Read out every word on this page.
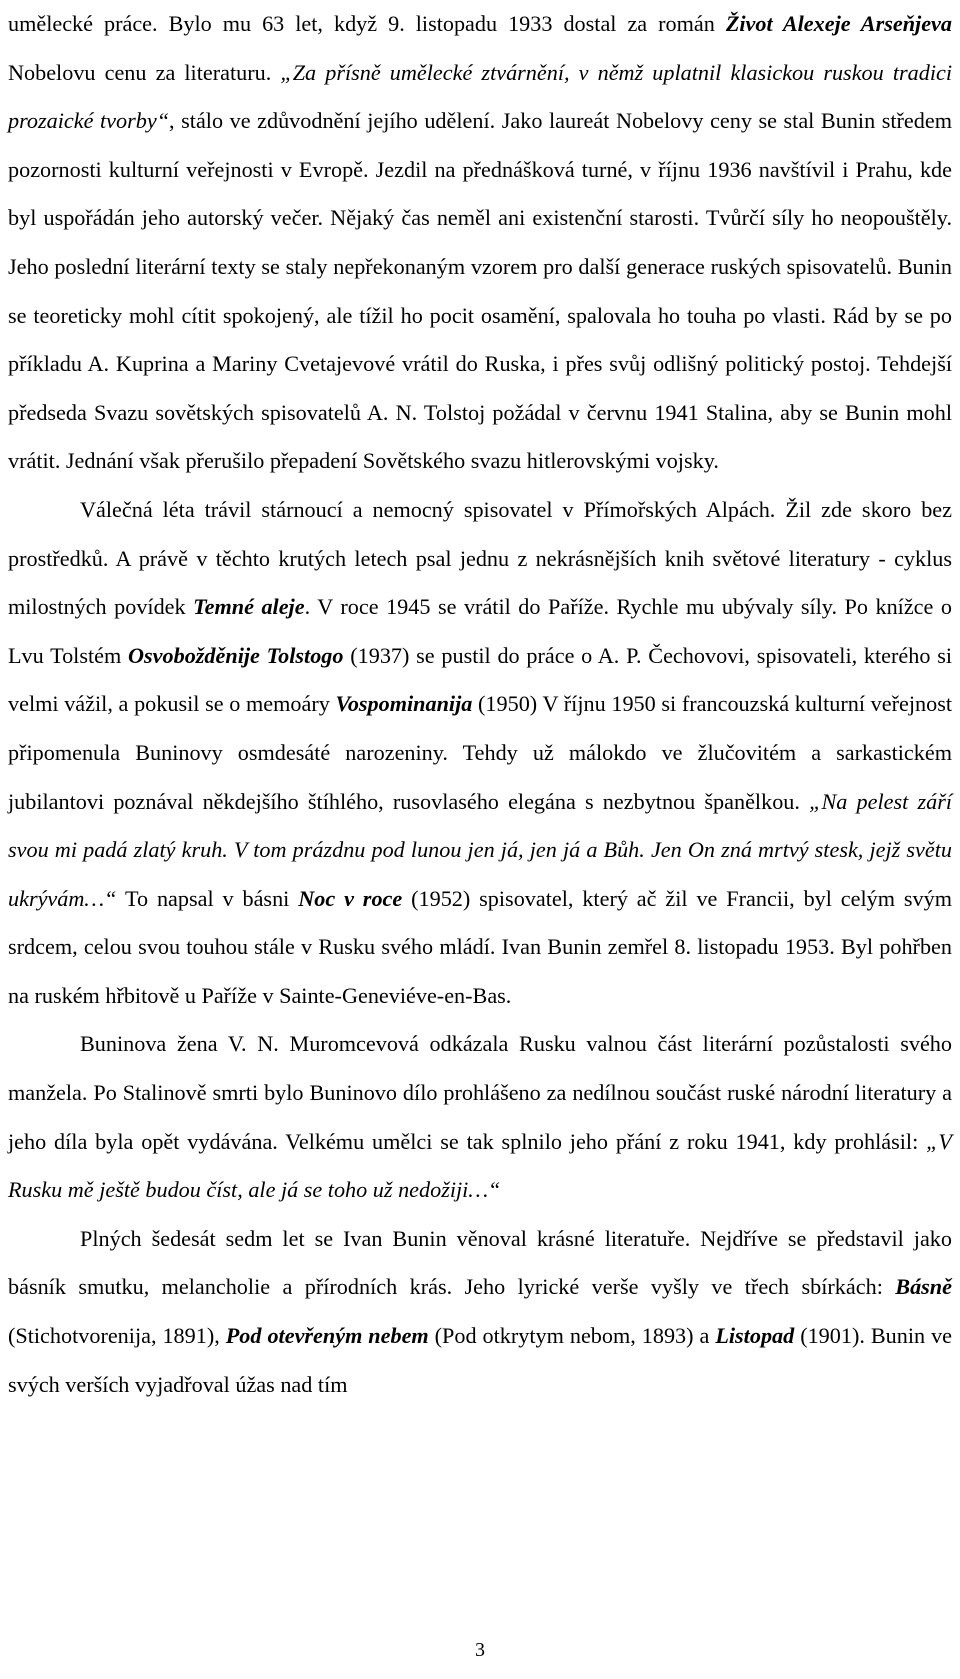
umělecké práce. Bylo mu 63 let, když 9. listopadu 1933 dostal za román Život Alexeje Arseňjeva Nobelovu cenu za literaturu. „Za přísně umělecké ztvárnění, v němž uplatnil klasickou ruskou tradici prozaické tvorby“, stálo ve zdůvodnění jejího udělení. Jako laureát Nobelovy ceny se stal Bunin středem pozornosti kulturní veřejnosti v Evropě. Jezdil na přednášková turné, v říjnu 1936 navštívil i Prahu, kde byl uspořádán jeho autorský večer. Nějaký čas neměl ani existenční starosti. Tvůrčí síly ho neopouštěly. Jeho poslední literární texty se staly nepřekonaným vzorem pro další generace ruských spisovatelů. Bunin se teoreticky mohl cítit spokojený, ale tížil ho pocit osamění, spalovala ho touha po vlasti. Rád by se po příkladu A. Kuprina a Mariny Cvetajevové vrátil do Ruska, i přes svůj odlišný politický postoj. Tehdejší předseda Svazu sovětských spisovatelů A. N. Tolstoj požádal v červnu 1941 Stalina, aby se Bunin mohl vrátit. Jednání však přerušilo přepadení Sovětského svazu hitlerovskými vojsky.

Válečná léta trávil stárnoucí a nemocný spisovatel v Přímořských Alpách. Žil zde skoro bez prostředků. A právě v těchto krutých letech psal jednu z nekrásnějších knih světové literatury - cyklus milostných povídek Temné aleje. V roce 1945 se vrátil do Paříže. Rychle mu ubývaly síly. Po knížce o Lvu Tolstém Osvobožděnije Tolstogo (1937) se pustil do práce o A. P. Čechovovi, spisovateli, kterého si velmi vážil, a pokusil se o memoáry Vospominanija (1950) V říjnu 1950 si francouzská kulturní veřejnost připomenula Buninovy osmdesáté narozeniny. Tehdy už málokdo ve žlučovitém a sarkastickém jubilantovi poznával někdejšího štíhlého, rusovlasého elegána s nezbytnou španělkou. „Na pelest září svou mi padá zlatý kruh. V tom prázdnu pod lunou jen já, jen já a Bůh. Jen On zná mrtvý stesk, jejž světu ukrývám…“ To napsal v básni Noc v roce (1952) spisovatel, který ač žil ve Francii, byl celým svým srdcem, celou svou touhou stále v Rusku svého mládí. Ivan Bunin zemřel 8. listopadu 1953. Byl pohřben na ruském hřbitově u Paříže v Sainte-Geneviéve-en-Bas.

Buninova žena V. N. Muromcevová odkázala Rusku valnou část literární pozůstalosti svého manžela. Po Stalinově smrti bylo Buninovo dílo prohlášeno za nedílnou součást ruské národní literatury a jeho díla byla opět vydávána. Velkému umělci se tak splnilo jeho přání z roku 1941, kdy prohlásil: „V Rusku mě ještě budou číst, ale já se toho už nedožiji…“

Plných šedesát sedm let se Ivan Bunin věnoval krásné literatuře. Nejdříve se představil jako básník smutku, melancholie a přírodních krás. Jeho lyrické verše vyšly ve třech sbírkách: Básně (Stichotvorenija, 1891), Pod otevřeným nebem (Pod otkrytym nebom, 1893) a Listopad (1901). Bunin ve svých verších vyjadřoval úžas nad tím

3
